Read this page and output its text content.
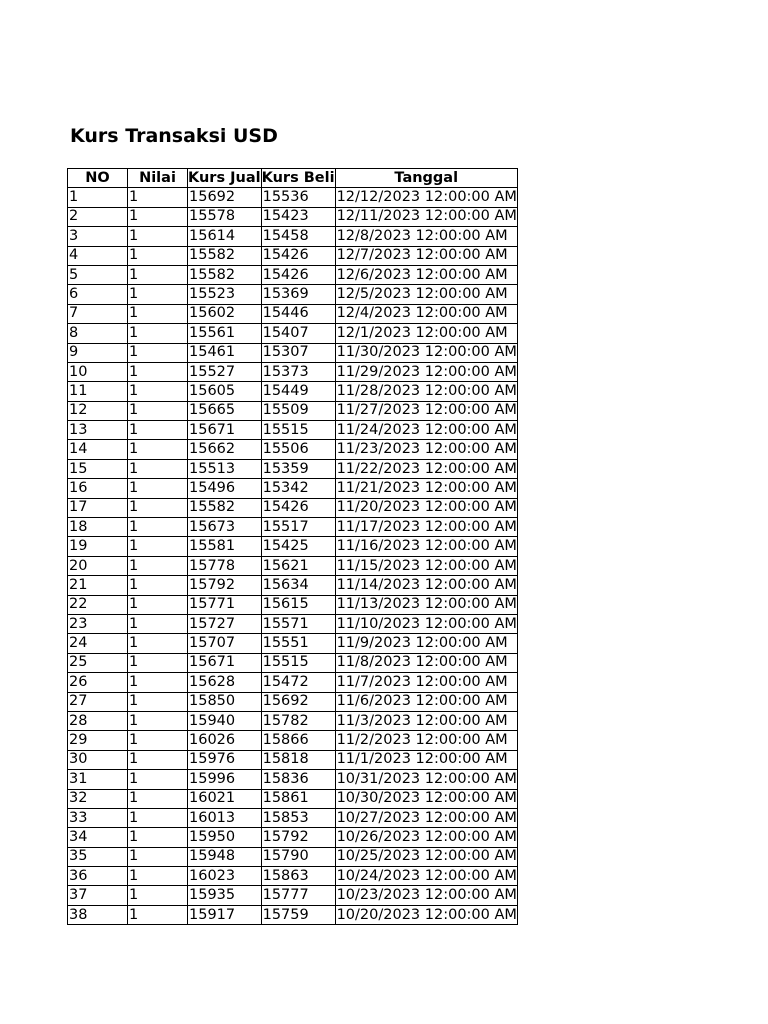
Kurs Transaksi USD
NO	Nilai	Kurs Jual	Kurs Beli	Tanggal
1	1	15692	15536	12/12/2023 12:00:00 AM
2	1	15578	15423	12/11/2023 12:00:00 AM
3	1	15614	15458	12/8/2023 12:00:00 AM
4	1	15582	15426	12/7/2023 12:00:00 AM
5	1	15582	15426	12/6/2023 12:00:00 AM
6	1	15523	15369	12/5/2023 12:00:00 AM
7	1	15602	15446	12/4/2023 12:00:00 AM
8	1	15561	15407	12/1/2023 12:00:00 AM
9	1	15461	15307	11/30/2023 12:00:00 AM
10	1	15527	15373	11/29/2023 12:00:00 AM
11	1	15605	15449	11/28/2023 12:00:00 AM
12	1	15665	15509	11/27/2023 12:00:00 AM
13	1	15671	15515	11/24/2023 12:00:00 AM
14	1	15662	15506	11/23/2023 12:00:00 AM
15	1	15513	15359	11/22/2023 12:00:00 AM
16	1	15496	15342	11/21/2023 12:00:00 AM
17	1	15582	15426	11/20/2023 12:00:00 AM
18	1	15673	15517	11/17/2023 12:00:00 AM
19	1	15581	15425	11/16/2023 12:00:00 AM
20	1	15778	15621	11/15/2023 12:00:00 AM
21	1	15792	15634	11/14/2023 12:00:00 AM
22	1	15771	15615	11/13/2023 12:00:00 AM
23	1	15727	15571	11/10/2023 12:00:00 AM
24	1	15707	15551	11/9/2023 12:00:00 AM
25	1	15671	15515	11/8/2023 12:00:00 AM
26	1	15628	15472	11/7/2023 12:00:00 AM
27	1	15850	15692	11/6/2023 12:00:00 AM
28	1	15940	15782	11/3/2023 12:00:00 AM
29	1	16026	15866	11/2/2023 12:00:00 AM
30	1	15976	15818	11/1/2023 12:00:00 AM
31	1	15996	15836	10/31/2023 12:00:00 AM
32	1	16021	15861	10/30/2023 12:00:00 AM
33	1	16013	15853	10/27/2023 12:00:00 AM
34	1	15950	15792	10/26/2023 12:00:00 AM
35	1	15948	15790	10/25/2023 12:00:00 AM
36	1	16023	15863	10/24/2023 12:00:00 AM
37	1	15935	15777	10/23/2023 12:00:00 AM
38	1	15917	15759	10/20/2023 12:00:00 AM
